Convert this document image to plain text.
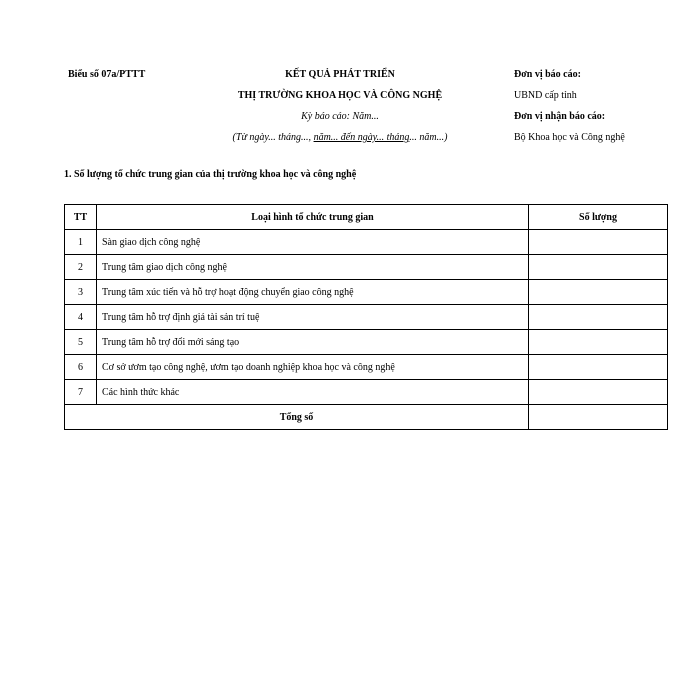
Biểu số 07a/PTTT	KẾT QUẢ PHÁT TRIỂN
THỊ TRƯỜNG KHOA HỌC VÀ CÔNG NGHỆ
Kỳ báo cáo: Năm...
(Từ ngày... tháng..., năm... đến ngày... tháng... năm...)
Đơn vị báo cáo:
UBND cấp tỉnh
Đơn vị nhận báo cáo:
Bộ Khoa học và Công nghệ
1. Số lượng tổ chức trung gian của thị trường khoa học và công nghệ
TT	Loại hình tổ chức trung gian	Số lượng
1	Sàn giao dịch công nghệ	
2	Trung tâm giao dịch công nghệ	
3	Trung tâm xúc tiến và hỗ trợ hoạt động chuyển giao công nghệ	
4	Trung tâm hỗ trợ định giá tài sản trí tuệ	
5	Trung tâm hỗ trợ đổi mới sáng tạo	
6	Cơ sở ươm tạo công nghệ, ươm tạo doanh nghiệp khoa học và công nghệ	
7	Các hình thức khác	
Tổng số		
